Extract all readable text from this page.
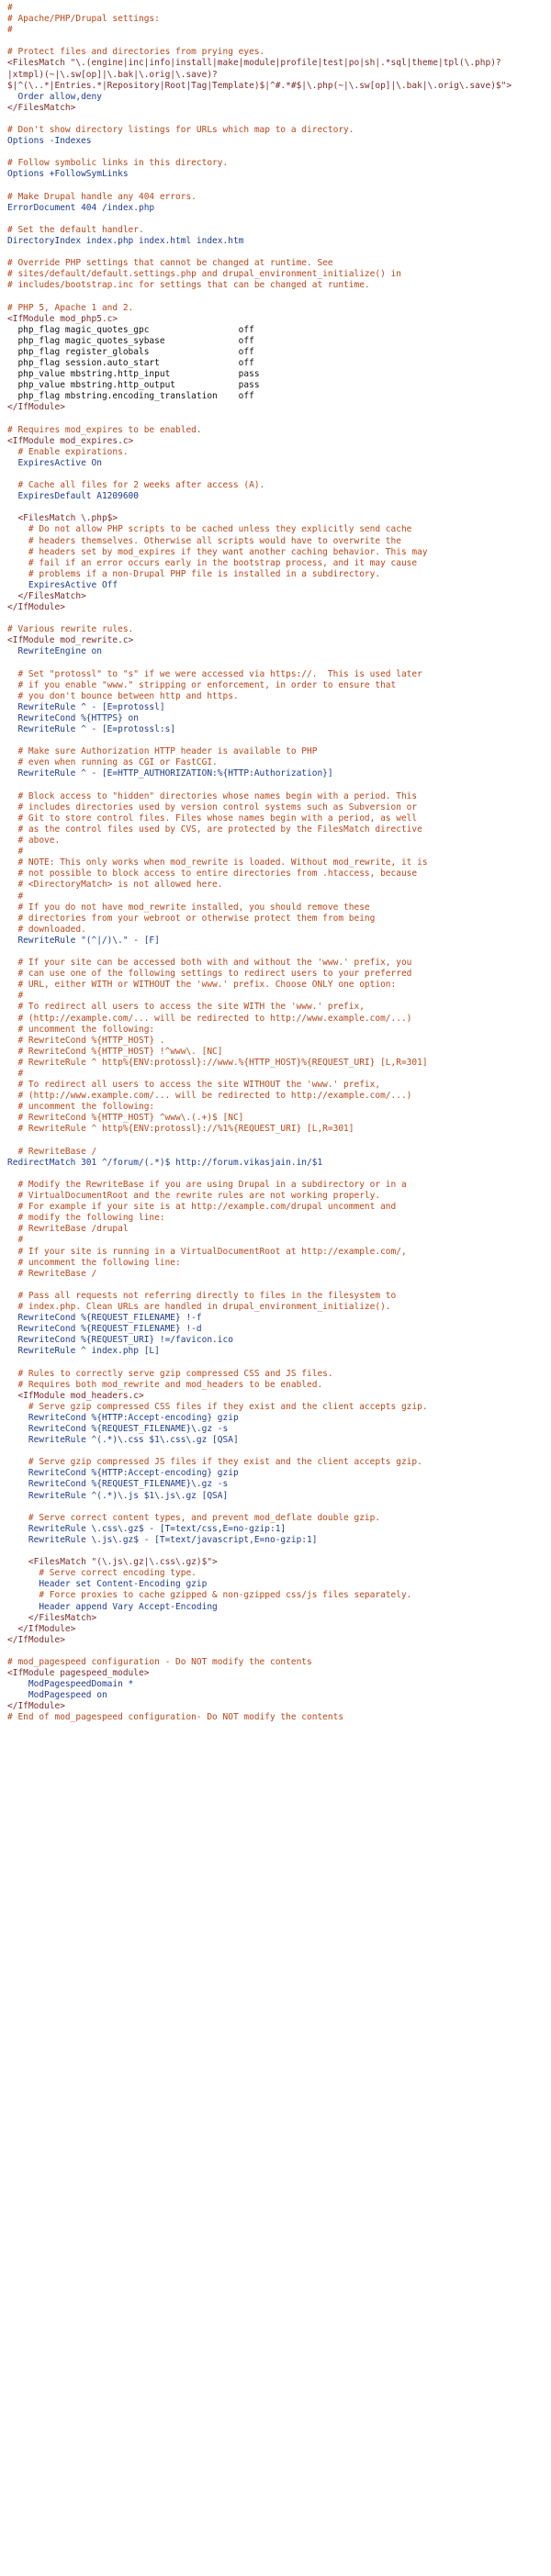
#
# Apache/PHP/Drupal settings:
#
# Protect files and directories from prying eyes.
<FilesMatch "\.(engine|inc|info|install|make|module|profile|test|po|sh|.*sql|theme|tpl(\.php)?
|xtmpl)(~|\.sw[op]|\.bak|\.orig|\.save)?
$|^(\..*|Entries.*|Repository|Root|Tag|Template)$|^#.*#$|\.php(~|\.sw[op]|\.bak|\.orig\.save)$">
Order allow,deny
</FilesMatch>
# Don't show directory listings for URLs which map to a directory.
Options -Indexes
# Follow symbolic links in this directory.
Options +FollowSymLinks
# Make Drupal handle any 404 errors.
ErrorDocument 404 /index.php
# Set the default handler.
DirectoryIndex index.php index.html index.htm
# Override PHP settings that cannot be changed at runtime. See
# sites/default/default.settings.php and drupal_environment_initialize() in
# includes/bootstrap.inc for settings that can be changed at runtime.
# PHP 5, Apache 1 and 2.
<IfModule mod_php5.c>
php_flag magic_quotes_gpc                 off
php_flag magic_quotes_sybase              off
php_flag register_globals                 off
php_flag session.auto_start               off
php_value mbstring.http_input             pass
php_value mbstring.http_output            pass
php_flag mbstring.encoding_translation    off
</IfModule>
# Requires mod_expires to be enabled.
<IfModule mod_expires.c>
# Enable expirations.
ExpiresActive On
# Cache all files for 2 weeks after access (A).
ExpiresDefault A1209600
<FilesMatch \.php$>
# Do not allow PHP scripts to be cached unless they explicitly send cache
# headers themselves. Otherwise all scripts would have to overwrite the
# headers set by mod_expires if they want another caching behavior. This may
# fail if an error occurs early in the bootstrap process, and it may cause
# problems if a non-Drupal PHP file is installed in a subdirectory.
ExpiresActive Off
</FilesMatch>
</IfModule>
# Various rewrite rules.
<IfModule mod_rewrite.c>
RewriteEngine on
# Set "protossl" to "s" if we were accessed via https://.  This is used later
# if you enable "www." stripping or enforcement, in order to ensure that
# you don't bounce between http and https.
RewriteRule ^ - [E=protossl]
RewriteCond %{HTTPS} on
RewriteRule ^ - [E=protossl:s]
# Make sure Authorization HTTP header is available to PHP
# even when running as CGI or FastCGI.
RewriteRule ^ - [E=HTTP_AUTHORIZATION:%{HTTP:Authorization}]
# Block access to "hidden" directories whose names begin with a period. This
# includes directories used by version control systems such as Subversion or
# Git to store control files. Files whose names begin with a period, as well
# as the control files used by CVS, are protected by the FilesMatch directive
# above.
#
# NOTE: This only works when mod_rewrite is loaded. Without mod_rewrite, it is
# not possible to block access to entire directories from .htaccess, because
# <DirectoryMatch> is not allowed here.
#
# If you do not have mod_rewrite installed, you should remove these
# directories from your webroot or otherwise protect them from being
# downloaded.
RewriteRule "(^|/)\." - [F]
# If your site can be accessed both with and without the 'www.' prefix, you
# can use one of the following settings to redirect users to your preferred
# URL, either WITH or WITHOUT the 'www.' prefix. Choose ONLY one option:
#
# To redirect all users to access the site WITH the 'www.' prefix,
# (http://example.com/... will be redirected to http://www.example.com/...)
# uncomment the following:
# RewriteCond %{HTTP_HOST} .
# RewriteCond %{HTTP_HOST} !^www\. [NC]
# RewriteRule ^ http%{ENV:protossl}://www.%{HTTP_HOST}%{REQUEST_URI} [L,R=301]
#
# To redirect all users to access the site WITHOUT the 'www.' prefix,
# (http://www.example.com/... will be redirected to http://example.com/...)
# uncomment the following:
# RewriteCond %{HTTP_HOST} ^www\.(.+)$ [NC]
# RewriteRule ^ http%{ENV:protossl}://%1%{REQUEST_URI} [L,R=301]
# RewriteBase /
RedirectMatch 301 ^/forum/(.*)$ http://forum.vikasjain.in/$1
# Modify the RewriteBase if you are using Drupal in a subdirectory or in a
# VirtualDocumentRoot and the rewrite rules are not working properly.
# For example if your site is at http://example.com/drupal uncomment and
# modify the following line:
# RewriteBase /drupal
#
# If your site is running in a VirtualDocumentRoot at http://example.com/,
# uncomment the following line:
# RewriteBase /
# Pass all requests not referring directly to files in the filesystem to
# index.php. Clean URLs are handled in drupal_environment_initialize().
RewriteCond %{REQUEST_FILENAME} !-f
RewriteCond %{REQUEST_FILENAME} !-d
RewriteCond %{REQUEST_URI} !=/favicon.ico
RewriteRule ^ index.php [L]
# Rules to correctly serve gzip compressed CSS and JS files.
# Requires both mod_rewrite and mod_headers to be enabled.
<IfModule mod_headers.c>
# Serve gzip compressed CSS files if they exist and the client accepts gzip.
RewriteCond %{HTTP:Accept-encoding} gzip
RewriteCond %{REQUEST_FILENAME}\.gz -s
RewriteRule ^(.*)\.css $1\.css\.gz [QSA]
# Serve gzip compressed JS files if they exist and the client accepts gzip.
RewriteCond %{HTTP:Accept-encoding} gzip
RewriteCond %{REQUEST_FILENAME}\.gz -s
RewriteRule ^(.*)\.js $1\.js\.gz [QSA]
# Serve correct content types, and prevent mod_deflate double gzip.
RewriteRule \.css\.gz$ - [T=text/css,E=no-gzip:1]
RewriteRule \.js\.gz$ - [T=text/javascript,E=no-gzip:1]
<FilesMatch "(\.js\.gz|\.css\.gz)$">
# Serve correct encoding type.
Header set Content-Encoding gzip
# Force proxies to cache gzipped & non-gzipped css/js files separately.
Header append Vary Accept-Encoding
</FilesMatch>
</IfModule>
</IfModule>
# mod_pagespeed configuration - Do NOT modify the contents
<IfModule pagespeed_module>
ModPagespeedDomain *
ModPagespeed on
</IfModule>
# End of mod_pagespeed configuration- Do NOT modify the contents
